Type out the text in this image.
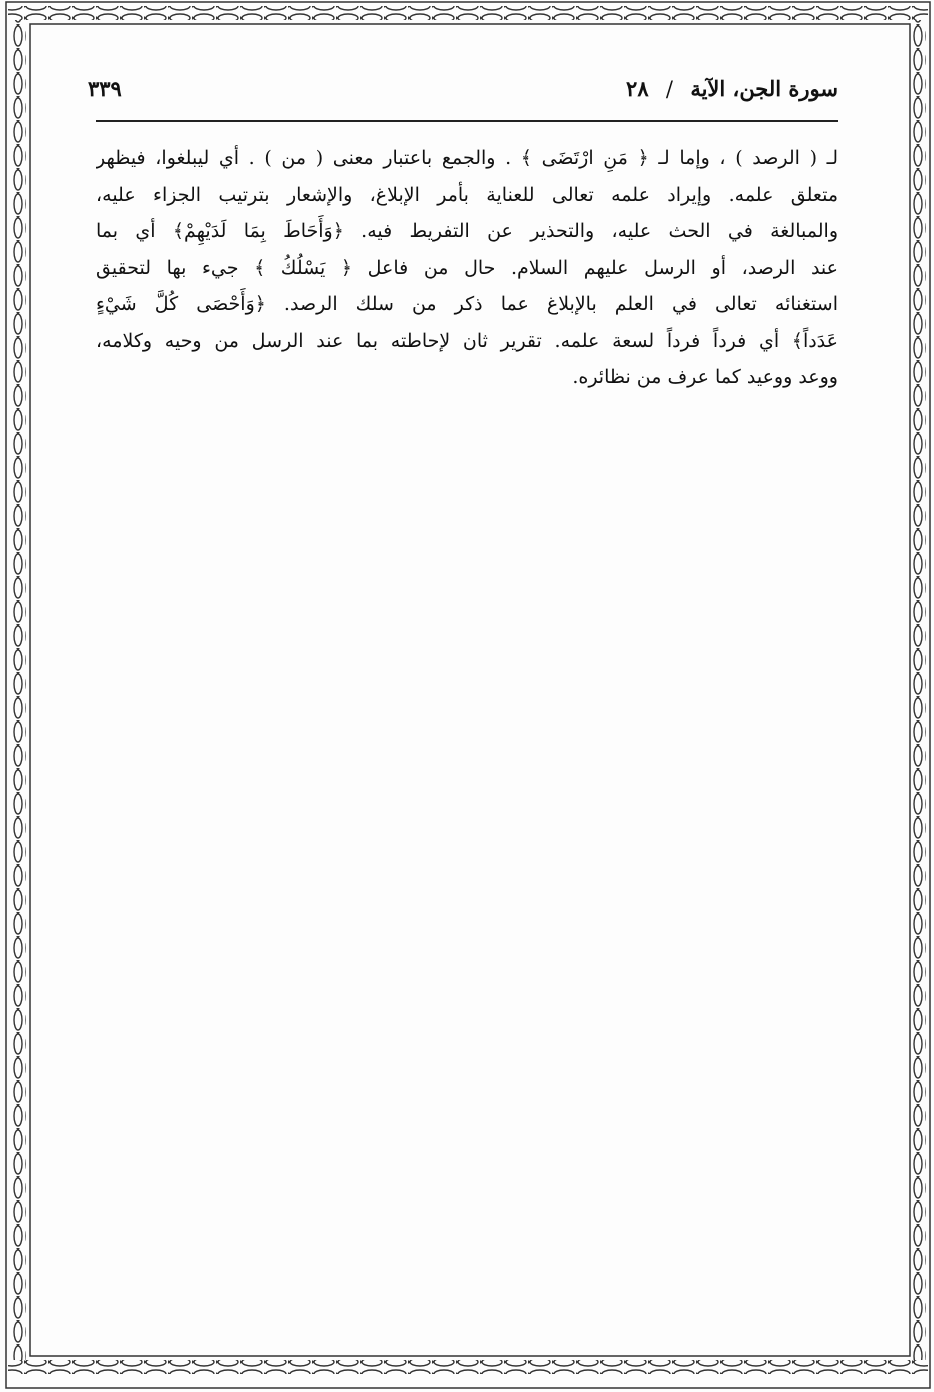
سورة الجن، الآية / ٢٨
٣٣٩
لـ ( الرصد ) ، وإما لـ ﴿ مَنِ ارْتَضَى ﴾ . والجمع باعتبار معنى ( من ) . أي ليبلغوا، فيظهر
متعلق علمه. وإيراد علمه تعالى للعناية بأمر الإبلاغ، والإشعار بترتيب الجزاء عليه،
والمبالغة في الحث عليه، والتحذير عن التفريط فيه. ﴿وَأَحَاطَ بِمَا لَدَيْهِمْ﴾ أي بما
عند الرصد، أو الرسل عليهم السلام. حال من فاعل ﴿ يَسْلُكُ ﴾ جيء بها لتحقيق
استغنائه تعالى في العلم بالإبلاغ عما ذكر من سلك الرصد. ﴿وَأَحْصَى كُلَّ شَيْءٍ
عَدَداً﴾ أي فرداً فرداً لسعة علمه. تقرير ثان لإحاطته بما عند الرسل من وحيه وكلامه،
ووعد ووعيد كما عرف من نظائره.
